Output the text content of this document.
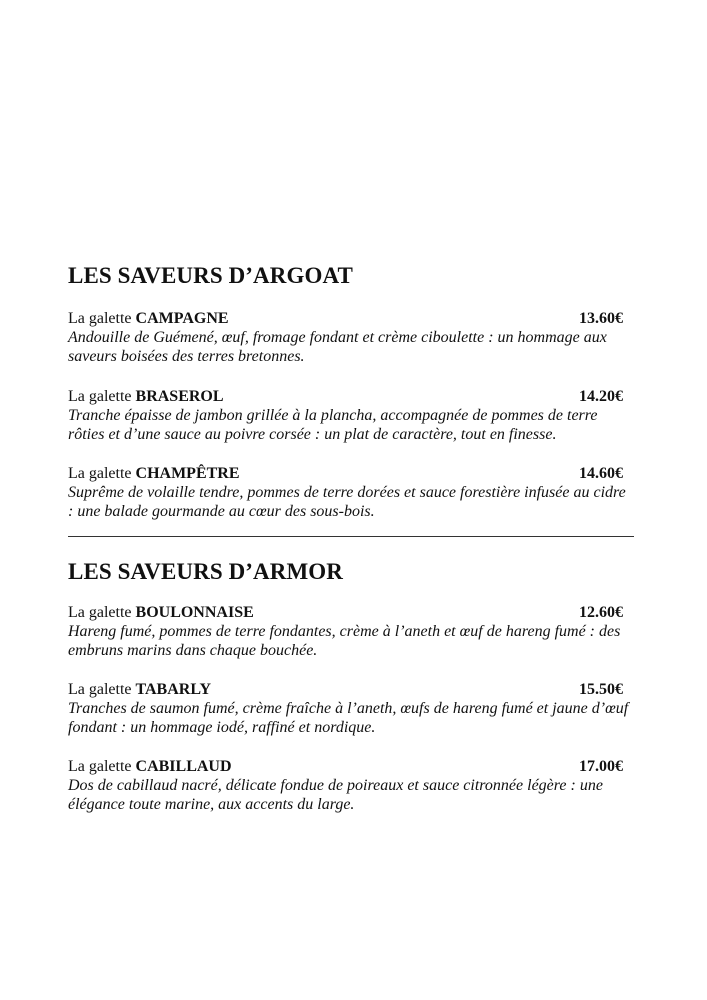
LES SAVEURS D’ARGOAT
La galette CAMPAGNE	13.60€
Andouille de Guémené, œuf, fromage fondant et crème ciboulette : un hommage aux saveurs boisées des terres bretonnes.
La galette BRASEROL	14.20€
Tranche épaisse de jambon grillée à la plancha, accompagnée de pommes de terre rôties et d’une sauce au poivre corsée : un plat de caractère, tout en finesse.
La galette CHAMPÊTRE	14.60€
Suprême de volaille tendre, pommes de terre dorées et sauce forestière infusée au cidre : une balade gourmande au cœur des sous-bois.
LES SAVEURS D’ARMOR
La galette BOULONNAISE	12.60€
Hareng fumé, pommes de terre fondantes, crème à l’aneth et œuf de hareng fumé : des embruns marins dans chaque bouchée.
La galette TABARLY	15.50€
Tranches de saumon fumé, crème fraîche à l’aneth, œufs de hareng fumé et jaune d’œuf fondant : un hommage iodé, raffiné et nordique.
La galette CABILLAUD	17.00€
Dos de cabillaud nacré, délicate fondue de poireaux et sauce citronnée légère : une élégance toute marine, aux accents du large.
